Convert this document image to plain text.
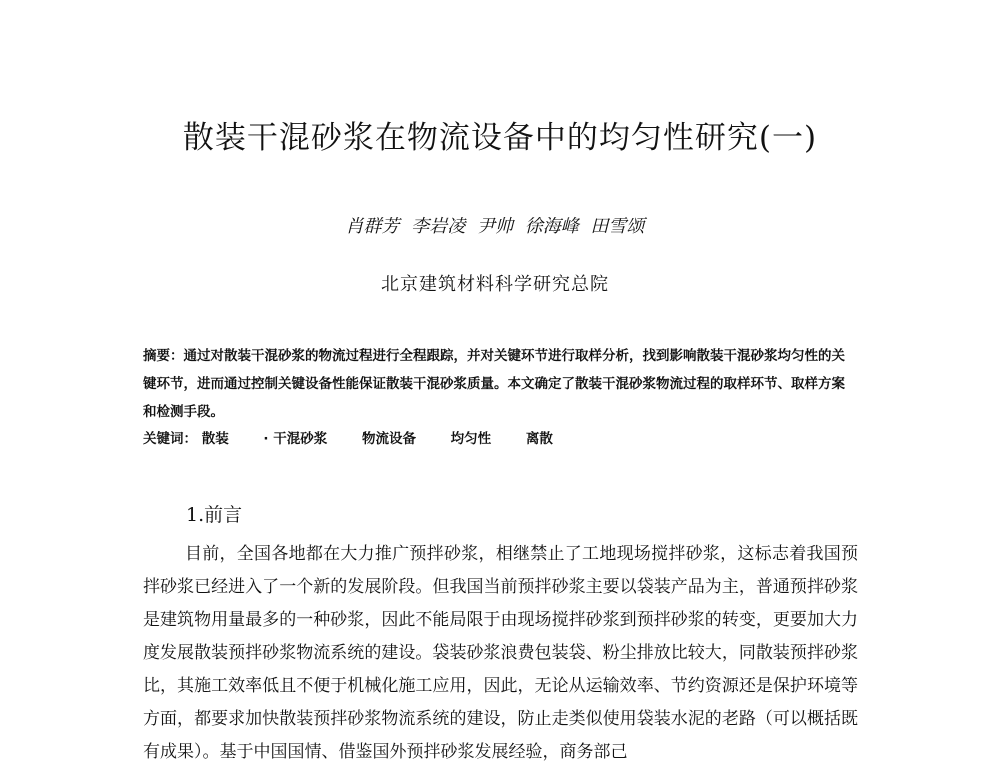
散装干混砂浆在物流设备中的均匀性研究(一)
肖群芳 李岩凌 尹帅 徐海峰 田雪颂
北京建筑材料科学研究总院

摘要：通过对散装干混砂浆的物流过程进行全程跟踪，并对关键环节进行取样分析，找到影响散装干混砂浆均匀性的关键环节，进而通过控制关键设备性能保证散装干混砂浆质量。本文确定了散装干混砂浆物流过程的取样环节、取样方案和检测手段。

关键词： 散装	· 干混砂浆	物流设备	均匀性	离散
1.前言

目前，全国各地都在大力推广预拌砂浆，相继禁止了工地现场搅拌砂浆，这标志着我国预拌砂浆已经进入了一个新的发展阶段。但我国当前预拌砂浆主要以袋装产品为主，普通预拌砂浆是建筑物用量最多的一种砂浆，因此不能局限于由现场搅拌砂浆到预拌砂浆的转变，更要加大力度发展散装预拌砂浆物流系统的建设。袋装砂浆浪费包装袋、粉尘排放比较大，同散装预拌砂浆比，其施工效率低且不便于机械化施工应用，因此，无论从运输效率、节约资源还是保护环境等方面，都要求加快散装预拌砂浆物流系统的建设，防止走类似使用袋装水泥的老路（可以概括既有成果）。基于中国国情、借鉴国外预拌砂浆发展经验，商务部己
